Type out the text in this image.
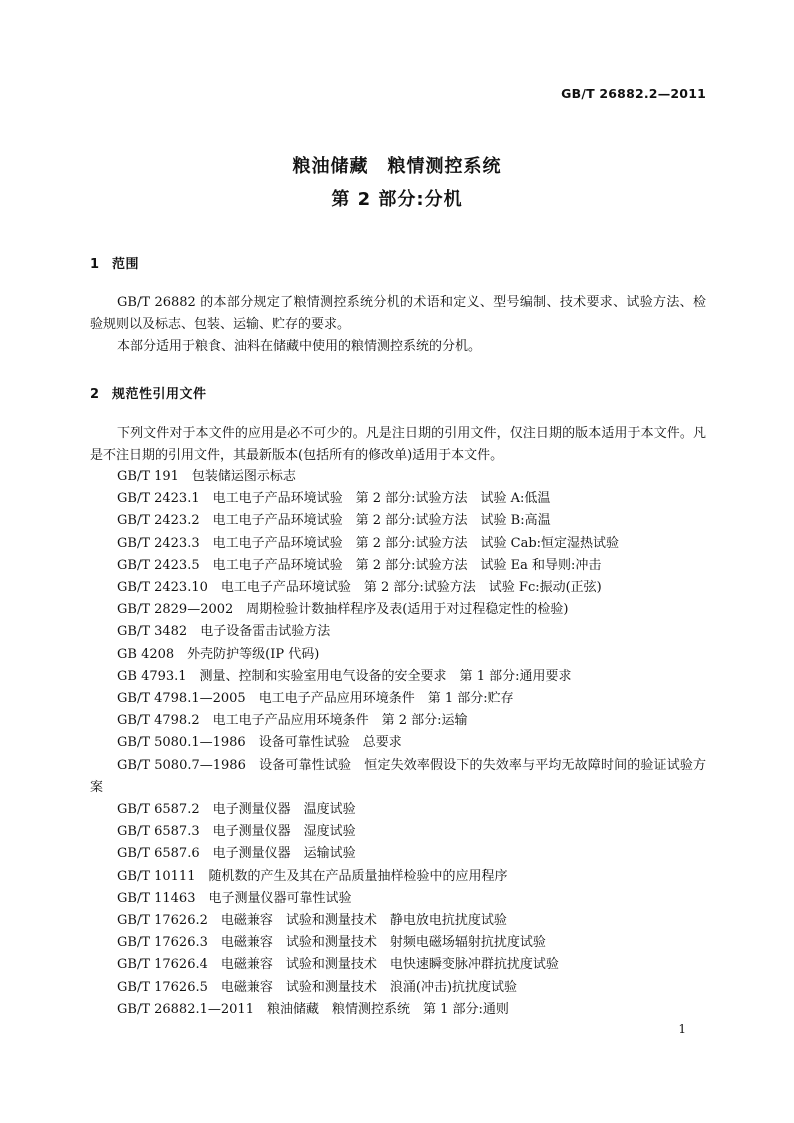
GB/T 26882.2—2011
粮油储藏　粮情测控系统
第 2 部分:分机
1 范围

GB/T 26882 的本部分规定了粮情测控系统分机的术语和定义、型号编制、技术要求、试验方法、检验规则以及标志、包装、运输、贮存的要求。

本部分适用于粮食、油料在储藏中使用的粮情测控系统的分机。

2 规范性引用文件

下列文件对于本文件的应用是必不可少的。凡是注日期的引用文件，仅注日期的版本适用于本文件。凡是不注日期的引用文件，其最新版本(包括所有的修改单)适用于本文件。

GB/T 191　包装储运图示标志
GB/T 2423.1　电工电子产品环境试验　第 2 部分:试验方法　试验 A:低温
GB/T 2423.2　电工电子产品环境试验　第 2 部分:试验方法　试验 B:高温
GB/T 2423.3　电工电子产品环境试验　第 2 部分:试验方法　试验 Cab:恒定湿热试验
GB/T 2423.5　电工电子产品环境试验　第 2 部分:试验方法　试验 Ea 和导则:冲击
GB/T 2423.10　电工电子产品环境试验　第 2 部分:试验方法　试验 Fc:振动(正弦)
GB/T 2829—2002　周期检验计数抽样程序及表(适用于对过程稳定性的检验)
GB/T 3482　电子设备雷击试验方法
GB 4208　外壳防护等级(IP 代码)
GB 4793.1　测量、控制和实验室用电气设备的安全要求　第 1 部分:通用要求
GB/T 4798.1—2005　电工电子产品应用环境条件　第 1 部分:贮存
GB/T 4798.2　电工电子产品应用环境条件　第 2 部分:运输
GB/T 5080.1—1986　设备可靠性试验　总要求
GB/T 5080.7—1986　设备可靠性试验　恒定失效率假设下的失效率与平均无故障时间的验证试验方案
GB/T 6587.2　电子测量仪器　温度试验
GB/T 6587.3　电子测量仪器　湿度试验
GB/T 6587.6　电子测量仪器　运输试验
GB/T 10111　随机数的产生及其在产品质量抽样检验中的应用程序
GB/T 11463　电子测量仪器可靠性试验
GB/T 17626.2　电磁兼容　试验和测量技术　静电放电抗扰度试验
GB/T 17626.3　电磁兼容　试验和测量技术　射频电磁场辐射抗扰度试验
GB/T 17626.4　电磁兼容　试验和测量技术　电快速瞬变脉冲群抗扰度试验
GB/T 17626.5　电磁兼容　试验和测量技术　浪涌(冲击)抗扰度试验
GB/T 26882.1—2011　粮油储藏　粮情测控系统　第 1 部分:通则
1
